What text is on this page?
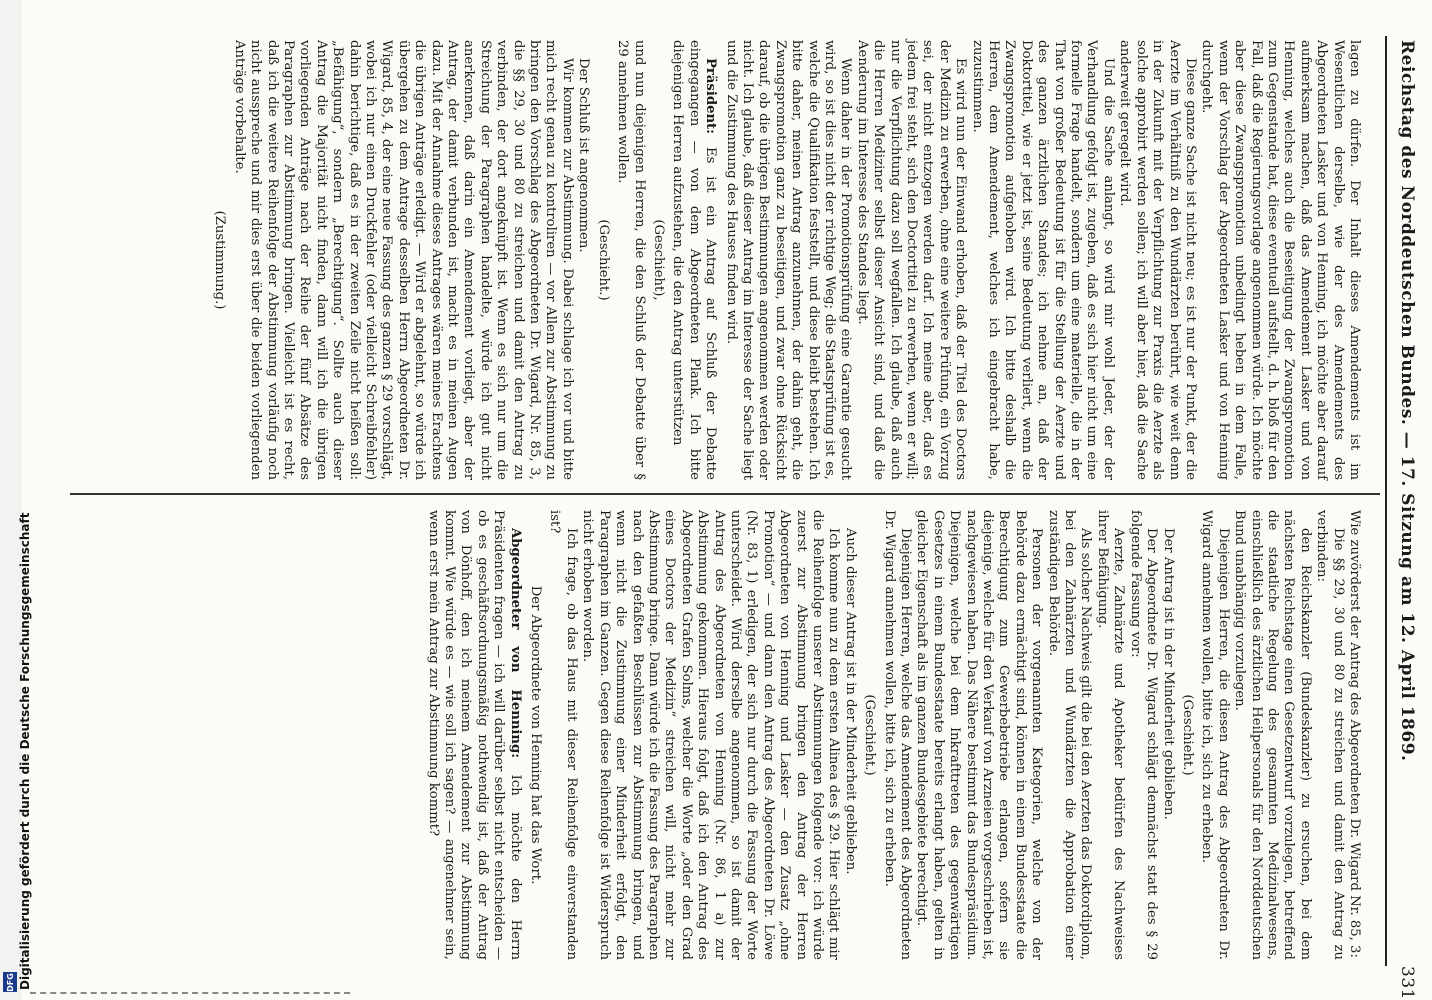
Reichstag des Norddeutschen Bundes. — 17. Sitzung am 12. April 1869.
331

lagen zu dürfen. Der Inhalt dieses Amendements ist im Wesentlichen derselbe, wie der des Amendements des Abgeordneten Lasker und von Henning, ich möchte aber darauf aufmerksam machen, daß das Amendement Lasker und von Henning, welches auch die Beseitigung der Zwangspromotion zum Gegenstande hat, diese eventuell aufstellt, d. h. bloß für den Fall, daß die Regierungsvorlage angenommen würde. Ich möchte aber diese Zwangspromotion unbedingt heben in dem Falle, wenn der Vorschlag der Abgeordneten Lasker und von Henning durchgeht.

Diese ganze Sache ist nicht neu; es ist nur der Punkt, der die Aerzte im Verhältniß zu den Wundärzten berührt, wie weit denn in der Zukunft mit der Verpflichtung zur Praxis die Aerzte als solche approbirt werden sollen; ich will aber hier, daß die Sache anderweit geregelt wird.

Und die Sache anlangt, so wird mir wohl Jeder, der der Verhandlung gefolgt ist, zugeben, daß es sich hier nicht um eine formelle Frage handelt, sondern um eine materielle, die in der That von großer Bedeutung ist für die Stellung der Aerzte und des ganzen ärztlichen Standes; ich nehme an, daß der Doktortitel, wie er jetzt ist, seine Bedeutung verliert, wenn die Zwangspromotion aufgehoben wird. Ich bitte deshalb die Herren, dem Amendement, welches ich eingebracht habe, zuzustimmen.

Es wird nun der Einwand erhoben, daß der Titel des Doctors der Medizin zu erwerben, ohne eine weitere Prüfung, ein Vorzug sei, der nicht entzogen werden darf. Ich meine aber, daß es jedem frei steht, sich den Doctortitel zu erwerben, wenn er will; nur die Verpflichtung dazu soll wegfallen. Ich glaube, daß auch die Herren Mediziner selbst dieser Ansicht sind, und daß die Aenderung im Interesse des Standes liegt.

Wenn daher in der Promotionsprüfung eine Garantie gesucht wird, so ist dies nicht der richtige Weg; die Staatsprüfung ist es, welche die Qualifikation feststellt, und diese bleibt bestehen. Ich bitte daher, meinen Antrag anzunehmen, der dahin geht, die Zwangspromotion ganz zu beseitigen, und zwar ohne Rücksicht darauf, ob die übrigen Bestimmungen angenommen werden oder nicht. Ich glaube, daß dieser Antrag im Interesse der Sache liegt und die Zustimmung des Hauses finden wird.

Präsident: Es ist ein Antrag auf Schluß der Debatte eingegangen — von dem Abgeordneten Plank. Ich bitte diejenigen Herren aufzustehen, die den Antrag unterstützen

(Geschieht),

und nun diejenigen Herren, die den Schluß der Debatte über § 29 annehmen wollen.

(Geschieht.)

Der Schluß ist angenommen.

Wir kommen zur Abstimmung. Dabei schlage ich vor und bitte mich recht genau zu kontroliren — vor Allem zur Abstimmung zu bringen den Vorschlag des Abgeordneten Dr. Wigard, Nr. 85, 3, die §§ 29, 30 und 80 zu streichen und damit den Antrag zu verbinden, der dort angeknüpft ist. Wenn es sich nur um die Streichung der Paragraphen handelte, würde ich gut nicht anerkennen, daß darin ein Amendement vorliegt, aber der Antrag, der damit verbunden ist, macht es in meinen Augen dazu. Mit der Annahme dieses Antrages wären meines Erachtens die übrigen Anträge erledigt. — Wird er abgelehnt, so würde ich übergehen zu dem Antrage desselben Herrn Abgeordneten Dr. Wigard, 85, 4, der eine neue Fassung des ganzen § 29 vorschlägt, wobei ich nur einen Druckfehler (oder vielleicht Schreibfehler) dahin berichtige, daß es in der zweiten Zeile nicht heißen soll: „Befähigung“, sondern „Berechtigung“. Sollte auch dieser Antrag die Majorität nicht finden, dann will ich die übrigen vorliegenden Anträge nach der Reihe der fünf Absätze des Paragraphen zur Abstimmung bringen. Vielleicht ist es recht, daß ich die weitere Reihenfolge der Abstimmung vorläufig noch nicht ausspreche und mir dies erst über die beiden vorliegenden Anträge vorbehalte.

(Zustimmung.)

Wie zuvörderst der Antrag des Abgeordneten Dr. Wigard Nr. 85, 3:

Die §§ 29, 30 und 80 zu streichen und damit den Antrag zu verbinden:

den Reichskanzler (Bundeskanzler) zu ersuchen, bei dem nächsten Reichstage einen Gesetzentwurf vorzulegen, betreffend die staatliche Regelung des gesammten Medizinalwesens, einschließlich des ärztlichen Heilpersonals für den Norddeutschen Bund unabhängig vorzulegen.

Diejenigen Herren, die diesen Antrag des Abgeordneten Dr. Wigard annehmen wollen, bitte ich, sich zu erheben.

(Geschieht.)

Der Antrag ist in der Minderheit geblieben.

Der Abgeordnete Dr. Wigard schlägt demnächst statt des § 29 folgende Fassung vor:

Aerzte, Zahnärzte und Apotheker bedürfen des Nachweises ihrer Befähigung.

Als solcher Nachweis gilt die bei den Aerzten das Doktordiplom, bei den Zahnärzten und Wundärzten die Approbation einer zuständigen Behörde.

Personen der vorgenannten Kategorien, welche von der Behörde dazu ermächtigt sind, können in einem Bundesstaate die Berechtigung zum Gewerbebetriebe erlangen, sofern sie diejenige, welche für den Verkauf von Arzneien vorgeschrieben ist, nachgewiesen haben. Das Nähere bestimmt das Bundespräsidium. Diejenigen, welche bei dem Inkrafttreten des gegenwärtigen Gesetzes in einem Bundesstaate bereits erlangt haben, gelten in gleicher Eigenschaft als im ganzen Bundesgebiete berechtigt.

Diejenigen Herren, welche das Amendement des Abgeordneten Dr. Wigard annehmen wollen, bitte ich, sich zu erheben.

(Geschieht.)

Auch dieser Antrag ist in der Minderheit geblieben.

Ich komme nun zu dem ersten Alinea des § 29. Hier schlägt mir die Reihenfolge unserer Abstimmungen folgende vor: ich würde zuerst zur Abstimmung bringen den Antrag der Herren Abgeordneten von Henning und Lasker — den Zusatz „ohne Promotion“ — und dann den Antrag des Abgeordneten Dr. Löwe (Nr. 83, 1) erledigen, der sich nur durch die Fassung der Worte unterscheidet. Wird derselbe angenommen, so ist damit der Antrag des Abgeordneten von Henning (Nr. 86, 1 a) zur Abstimmung gekommen. Hieraus folgt, daß ich den Antrag des Abgeordneten Grafen Solms, welcher die Worte „oder den Grad eines Doctors der Medizin“ streichen will, nicht mehr zur Abstimmung bringe. Dann würde ich die Fassung des Paragraphen nach den gefaßten Beschlüssen zur Abstimmung bringen, und wenn nicht die Zustimmung einer Minderheit erfolgt, den Paragraphen im Ganzen. Gegen diese Reihenfolge ist Widerspruch nicht erhoben worden.

Ich frage, ob das Haus mit dieser Reihenfolge einverstanden ist?

Der Abgeordnete von Henning hat das Wort.

Abgeordneter von Henning: Ich möchte den Herrn Präsidenten fragen — ich will darüber selbst nicht entscheiden — ob es geschäftsordnungsmäßig nothwendig ist, daß der Antrag von Dönhoff, den ich meinem Amendement zur Abstimmung kommt. Wie würde es — wie soll ich sagen? — angenehmer sein, wenn erst mein Antrag zur Abstimmung kommt?

Digitalisierung gefördert durch die Deutsche Forschungsgemeinschaft
DFG
